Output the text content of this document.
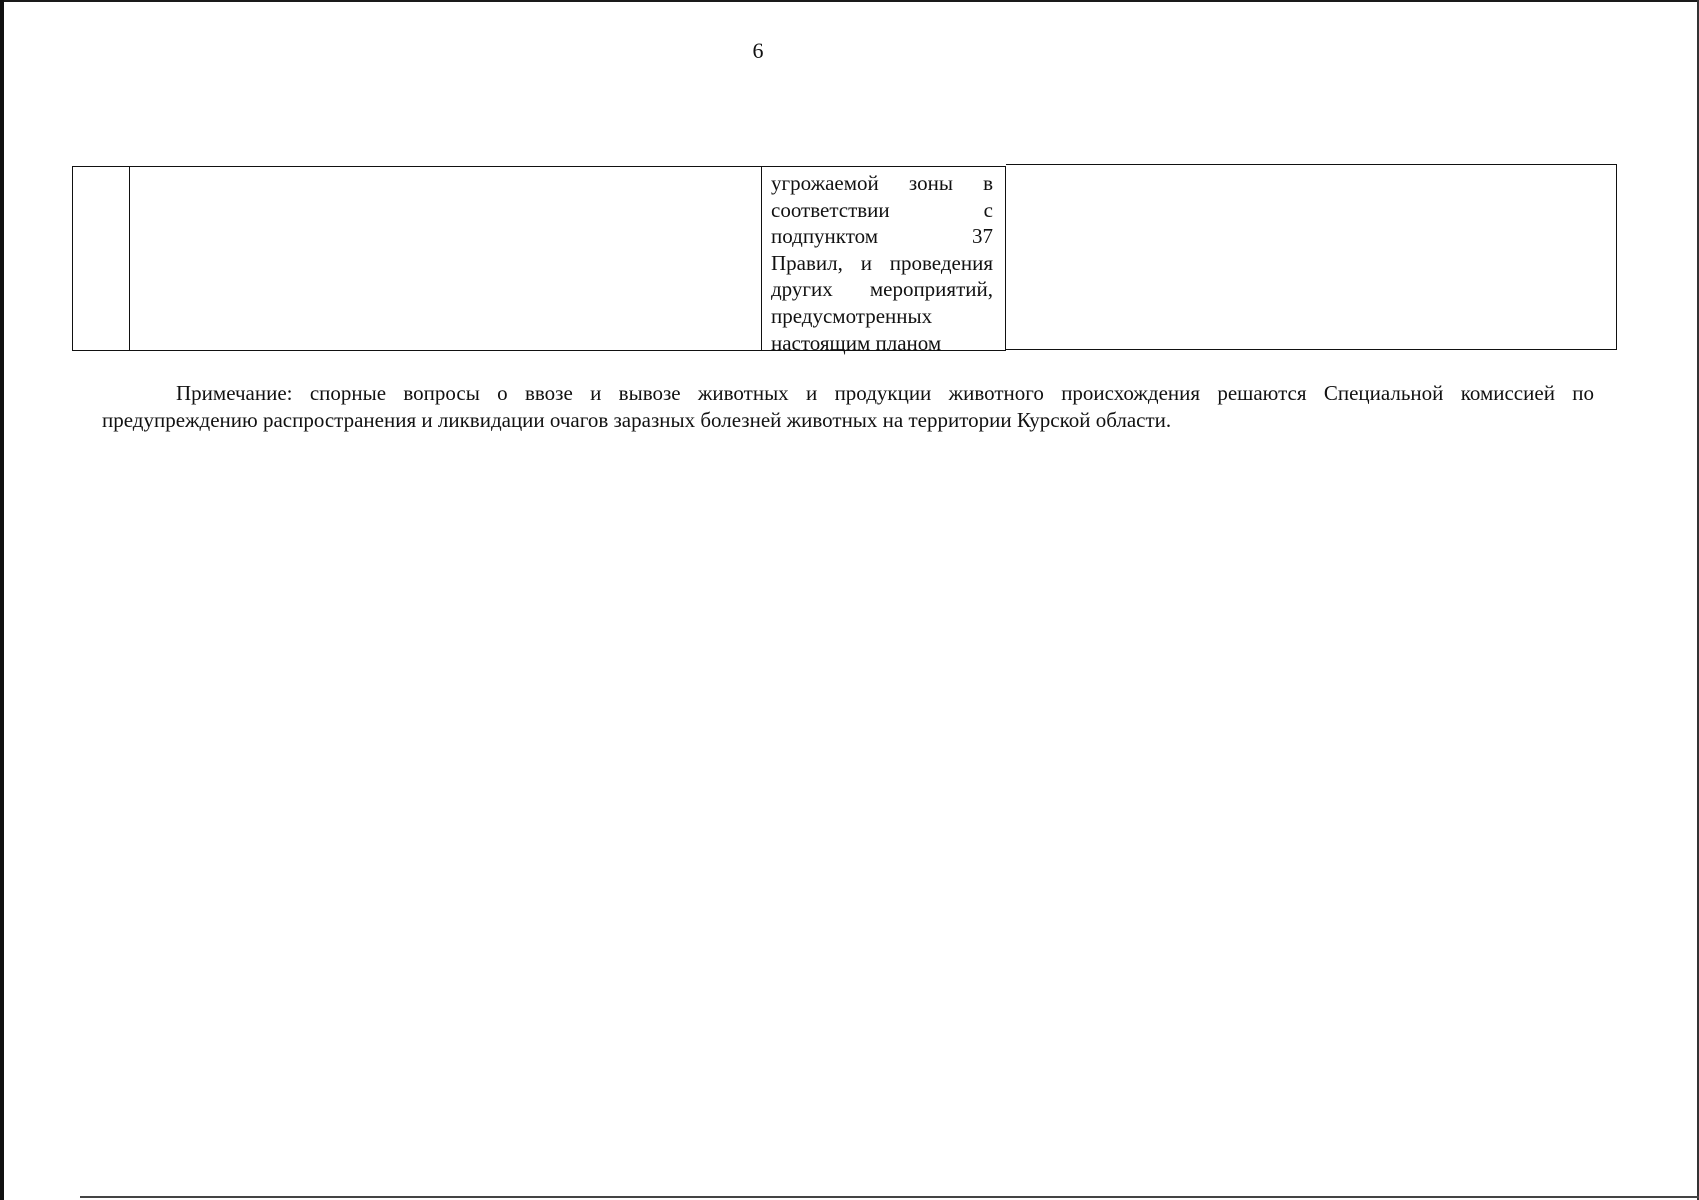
6
угрожаемой зоны в
соответствии	с
подпунктом	37
Правил, и проведения
других мероприятий,
предусмотренных
настоящим планом
Примечание: спорные вопросы о ввозе и вывозе животных и продукции животного происхождения решаются Специальной комиссией по
предупреждению распространения и ликвидации очагов заразных болезней животных на территории Курской области.
